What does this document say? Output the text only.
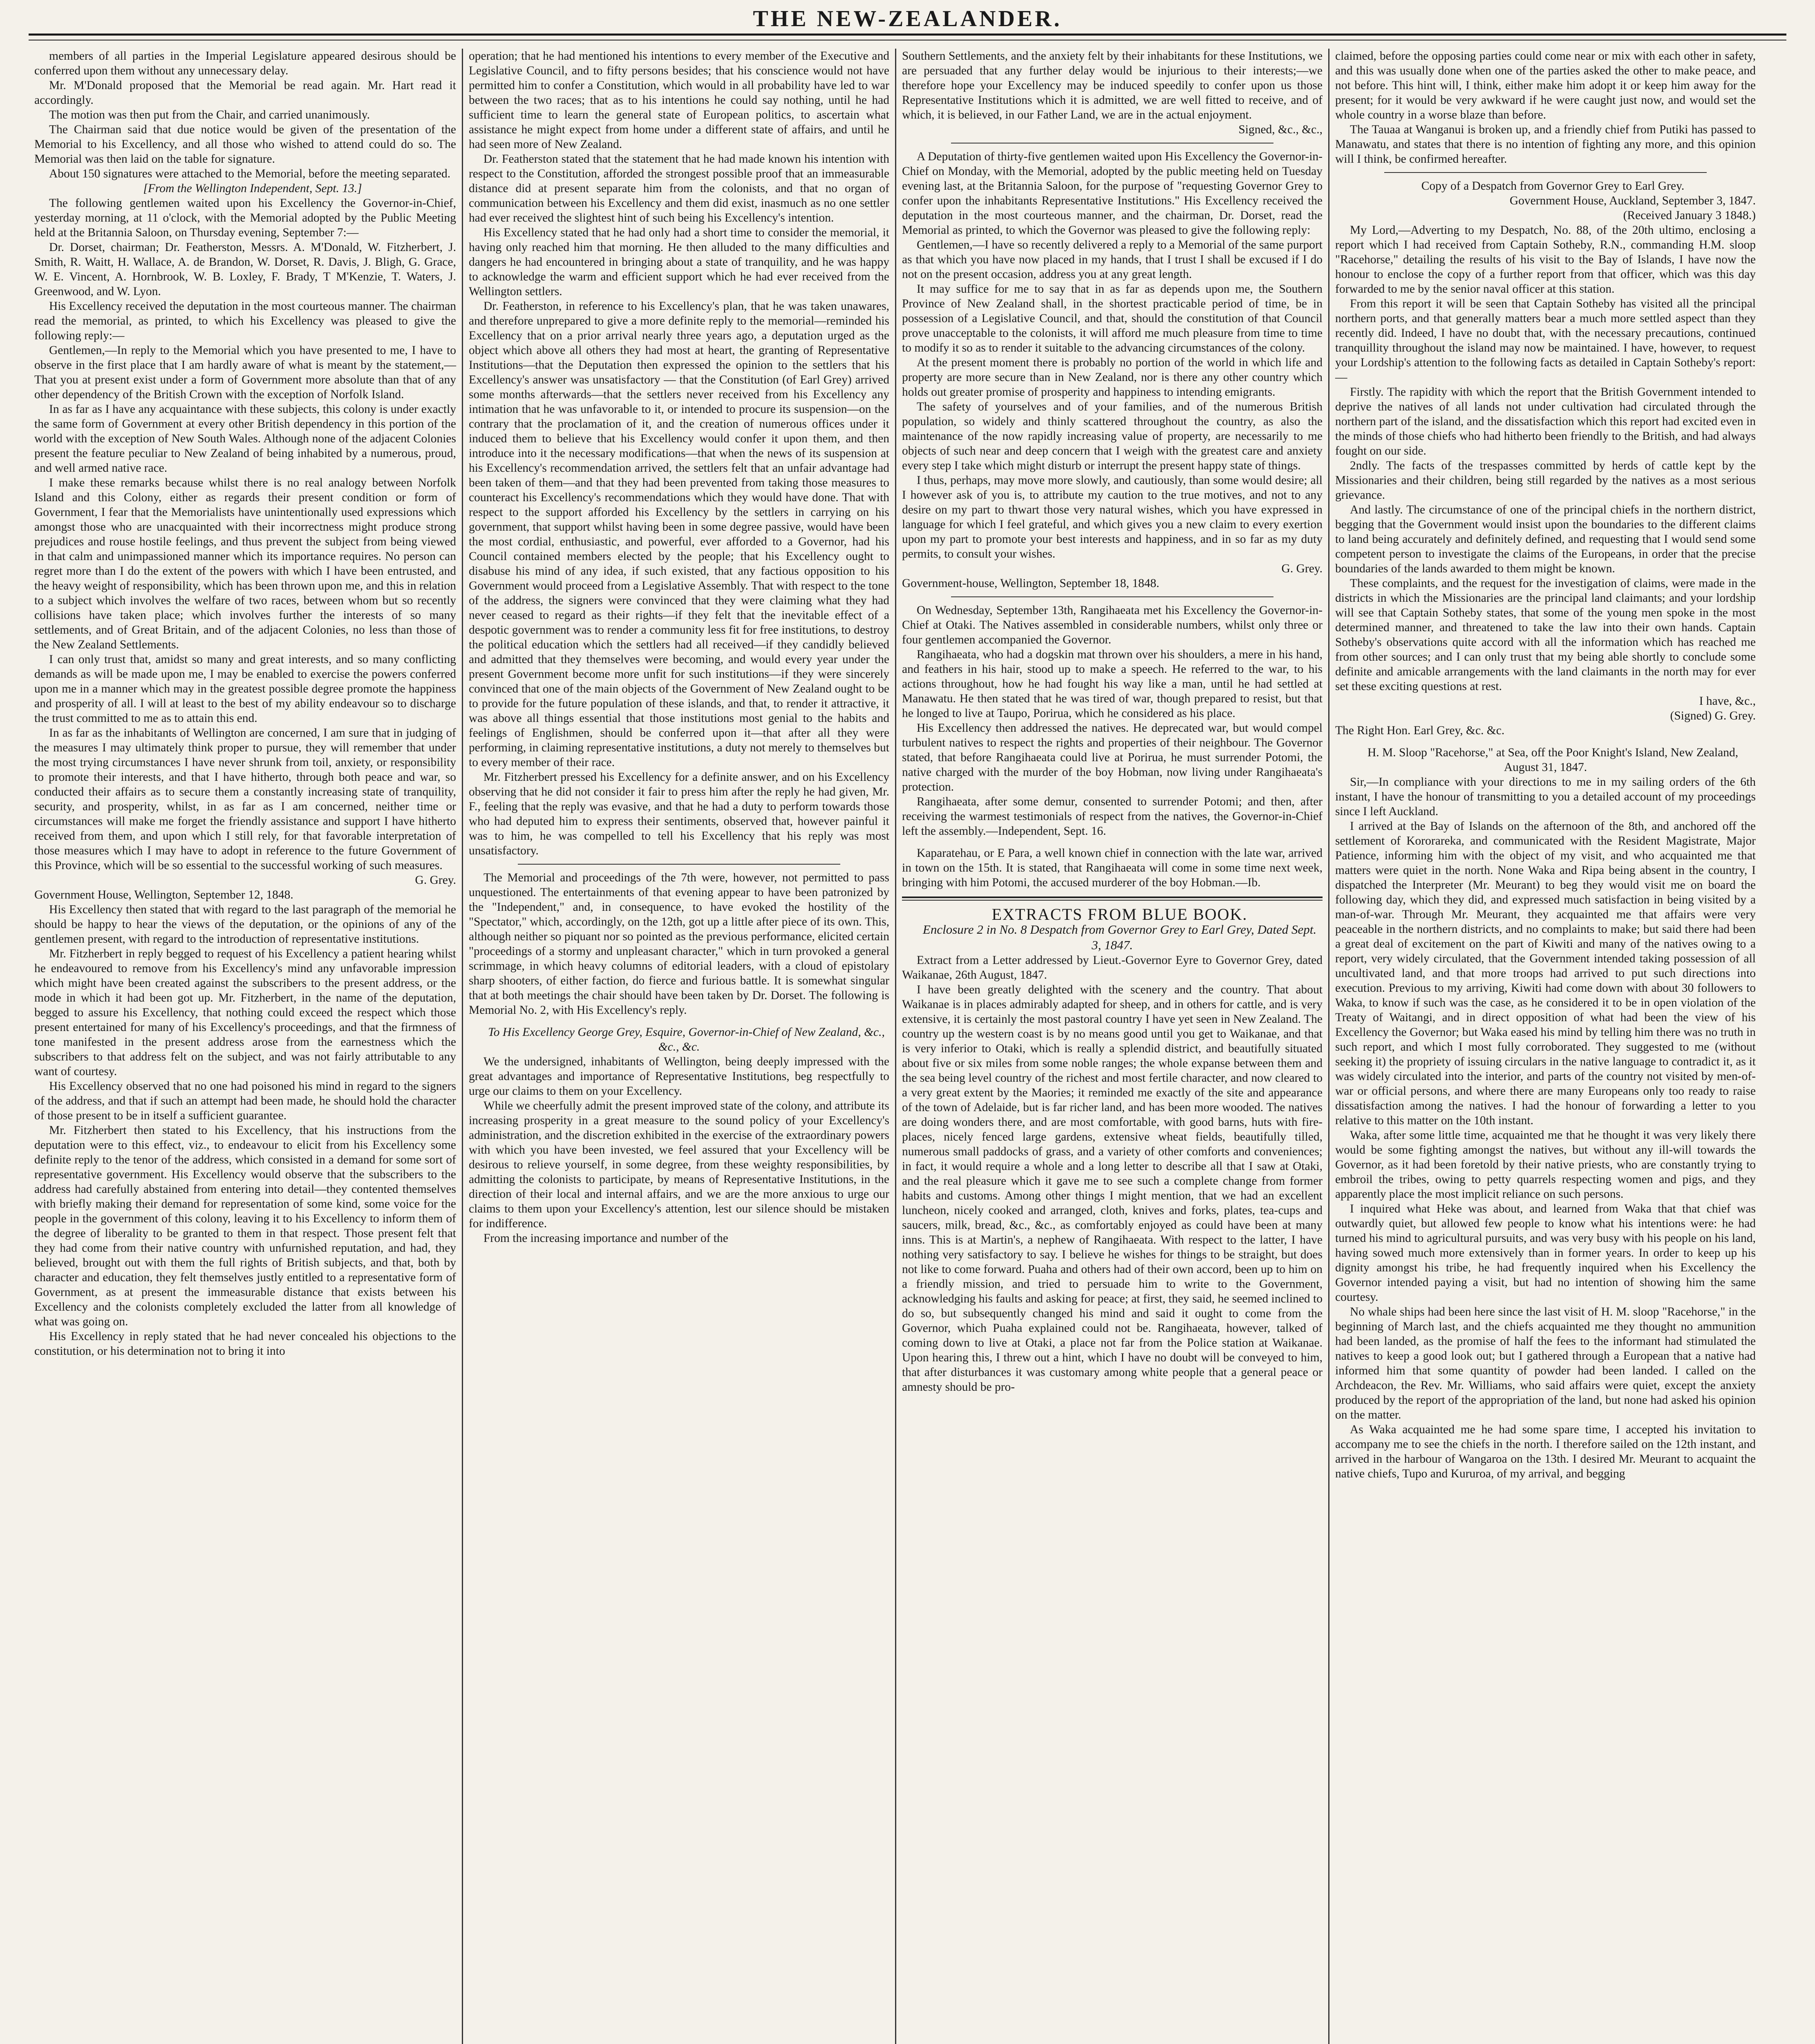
THE NEW-ZEALANDER.

members of all parties in the Imperial Legislature appeared desirous should be conferred upon them without any unnecessary delay.

Mr. M'Donald proposed that the Memorial be read again. Mr. Hart read it accordingly.

The motion was then put from the Chair, and carried unanimously.

The Chairman said that due notice would be given of the presentation of the Memorial to his Excellency, and all those who wished to attend could do so. The Memorial was then laid on the table for signature.

About 150 signatures were attached to the Memorial, before the meeting separated.

[From the Wellington Independent, Sept. 13.]

The following gentlemen waited upon his Excellency the Governor-in-Chief, yesterday morning, at 11 o'clock, with the Memorial adopted by the Public Meeting held at the Britannia Saloon, on Thursday evening, September 7:—

Dr. Dorset, chairman; Dr. Featherston, Messrs. A. M'Donald, W. Fitzherbert, J. Smith, R. Waitt, H. Wallace, A. de Brandon, W. Dorset, R. Davis, J. Bligh, G. Grace, W. E. Vincent, A. Hornbrook, W. B. Loxley, F. Brady, T M'Kenzie, T. Waters, J. Greenwood, and W. Lyon.

His Excellency received the deputation in the most courteous manner. The chairman read the memorial, as printed, to which his Excellency was pleased to give the following reply:—

Gentlemen,—In reply to the Memorial which you have presented to me, I have to observe in the first place that I am hardly aware of what is meant by the statement,—That you at present exist under a form of Government more absolute than that of any other dependency of the British Crown with the exception of Norfolk Island.

In as far as I have any acquaintance with these subjects, this colony is under exactly the same form of Government at every other British dependency in this portion of the world with the exception of New South Wales. Although none of the adjacent Colonies present the feature peculiar to New Zealand of being inhabited by a numerous, proud, and well armed native race.

I make these remarks because whilst there is no real analogy between Norfolk Island and this Colony, either as regards their present condition or form of Government, I fear that the Memorialists have unintentionally used expressions which amongst those who are unacquainted with their incorrectness might produce strong prejudices and rouse hostile feelings, and thus prevent the subject from being viewed in that calm and unimpassioned manner which its importance requires. No person can regret more than I do the extent of the powers with which I have been entrusted, and the heavy weight of responsibility, which has been thrown upon me, and this in relation to a subject which involves the welfare of two races, between whom but so recently collisions have taken place; which involves further the interests of so many settlements, and of Great Britain, and of the adjacent Colonies, no less than those of the New Zealand Settlements.

I can only trust that, amidst so many and great interests, and so many conflicting demands as will be made upon me, I may be enabled to exercise the powers conferred upon me in a manner which may in the greatest possible degree promote the happiness and prosperity of all. I will at least to the best of my ability endeavour so to discharge the trust committed to me as to attain this end.

In as far as the inhabitants of Wellington are concerned, I am sure that in judging of the measures I may ultimately think proper to pursue, they will remember that under the most trying circumstances I have never shrunk from toil, anxiety, or responsibility to promote their interests, and that I have hitherto, through both peace and war, so conducted their affairs as to secure them a constantly increasing state of tranquility, security, and prosperity, whilst, in as far as I am concerned, neither time or circumstances will make me forget the friendly assistance and support I have hitherto received from them, and upon which I still rely, for that favorable interpretation of those measures which I may have to adopt in reference to the future Government of this Province, which will be so essential to the successful working of such measures.

G. Grey.

Government House, Wellington, September 12, 1848.

His Excellency then stated that with regard to the last paragraph of the memorial he should be happy to hear the views of the deputation, or the opinions of any of the gentlemen present, with regard to the introduction of representative institutions.

Mr. Fitzherbert in reply begged to request of his Excellency a patient hearing whilst he endeavoured to remove from his Excellency's mind any unfavorable impression which might have been created against the subscribers to the present address, or the mode in which it had been got up. Mr. Fitzherbert, in the name of the deputation, begged to assure his Excellency, that nothing could exceed the respect which those present entertained for many of his Excellency's proceedings, and that the firmness of tone manifested in the present address arose from the earnestness which the subscribers to that address felt on the subject, and was not fairly attributable to any want of courtesy.

His Excellency observed that no one had poisoned his mind in regard to the signers of the address, and that if such an attempt had been made, he should hold the character of those present to be in itself a sufficient guarantee.

Mr. Fitzherbert then stated to his Excellency, that his instructions from the deputation were to this effect, viz., to endeavour to elicit from his Excellency some definite reply to the tenor of the address, which consisted in a demand for some sort of representative government. His Excellency would observe that the subscribers to the address had carefully abstained from entering into detail—they contented themselves with briefly making their demand for representation of some kind, some voice for the people in the government of this colony, leaving it to his Excellency to inform them of the degree of liberality to be granted to them in that respect. Those present felt that they had come from their native country with unfurnished reputation, and had, they believed, brought out with them the full rights of British subjects, and that, both by character and education, they felt themselves justly entitled to a representative form of Government, as at present the immeasurable distance that exists between his Excellency and the colonists completely excluded the latter from all knowledge of what was going on.

His Excellency in reply stated that he had never concealed his objections to the constitution, or his determination not to bring it into

operation; that he had mentioned his intentions to every member of the Executive and Legislative Council, and to fifty persons besides; that his conscience would not have permitted him to confer a Constitution, which would in all probability have led to war between the two races; that as to his intentions he could say nothing, until he had sufficient time to learn the general state of European politics, to ascertain what assistance he might expect from home under a different state of affairs, and until he had seen more of New Zealand.

Dr. Featherston stated that the statement that he had made known his intention with respect to the Constitution, afforded the strongest possible proof that an immeasurable distance did at present separate him from the colonists, and that no organ of communication between his Excellency and them did exist, inasmuch as no one settler had ever received the slightest hint of such being his Excellency's intention.

His Excellency stated that he had only had a short time to consider the memorial, it having only reached him that morning. He then alluded to the many difficulties and dangers he had encountered in bringing about a state of tranquility, and he was happy to acknowledge the warm and efficient support which he had ever received from the Wellington settlers.

Dr. Featherston, in reference to his Excellency's plan, that he was taken unawares, and therefore unprepared to give a more definite reply to the memorial—reminded his Excellency that on a prior arrival nearly three years ago, a deputation urged as the object which above all others they had most at heart, the granting of Representative Institutions—that the Deputation then expressed the opinion to the settlers that his Excellency's answer was unsatisfactory — that the Constitution (of Earl Grey) arrived some months afterwards—that the settlers never received from his Excellency any intimation that he was unfavorable to it, or intended to procure its suspension—on the contrary that the proclamation of it, and the creation of numerous offices under it induced them to believe that his Excellency would confer it upon them, and then introduce into it the necessary modifications—that when the news of its suspension at his Excellency's recommendation arrived, the settlers felt that an unfair advantage had been taken of them—and that they had been prevented from taking those measures to counteract his Excellency's recommendations which they would have done. That with respect to the support afforded his Excellency by the settlers in carrying on his government, that support whilst having been in some degree passive, would have been the most cordial, enthusiastic, and powerful, ever afforded to a Governor, had his Council contained members elected by the people; that his Excellency ought to disabuse his mind of any idea, if such existed, that any factious opposition to his Government would proceed from a Legislative Assembly. That with respect to the tone of the address, the signers were convinced that they were claiming what they had never ceased to regard as their rights—if they felt that the inevitable effect of a despotic government was to render a community less fit for free institutions, to destroy the political education which the settlers had all received—if they candidly believed and admitted that they themselves were becoming, and would every year under the present Government become more unfit for such institutions—if they were sincerely convinced that one of the main objects of the Government of New Zealand ought to be to provide for the future population of these islands, and that, to render it attractive, it was above all things essential that those institutions most genial to the habits and feelings of Englishmen, should be conferred upon it—that after all they were performing, in claiming representative institutions, a duty not merely to themselves but to every member of their race.

Mr. Fitzherbert pressed his Excellency for a definite answer, and on his Excellency observing that he did not consider it fair to press him after the reply he had given, Mr. F., feeling that the reply was evasive, and that he had a duty to perform towards those who had deputed him to express their sentiments, observed that, however painful it was to him, he was compelled to tell his Excellency that his reply was most unsatisfactory.

The Memorial and proceedings of the 7th were, however, not permitted to pass unquestioned. The entertainments of that evening appear to have been patronized by the "Independent," and, in consequence, to have evoked the hostility of the "Spectator," which, accordingly, on the 12th, got up a little after piece of its own. This, although neither so piquant nor so pointed as the previous performance, elicited certain "proceedings of a stormy and unpleasant character," which in turn provoked a general scrimmage, in which heavy columns of editorial leaders, with a cloud of epistolary sharp shooters, of either faction, do fierce and furious battle. It is somewhat singular that at both meetings the chair should have been taken by Dr. Dorset. The following is Memorial No. 2, with His Excellency's reply.

To His Excellency George Grey, Esquire, Governor-in-Chief of New Zealand, &c., &c., &c.

We the undersigned, inhabitants of Wellington, being deeply impressed with the great advantages and importance of Representative Institutions, beg respectfully to urge our claims to them on your Excellency.

While we cheerfully admit the present improved state of the colony, and attribute its increasing prosperity in a great measure to the sound policy of your Excellency's administration, and the discretion exhibited in the exercise of the extraordinary powers with which you have been invested, we feel assured that your Excellency will be desirous to relieve yourself, in some degree, from these weighty responsibilities, by admitting the colonists to participate, by means of Representative Institutions, in the direction of their local and internal affairs, and we are the more anxious to urge our claims to them upon your Excellency's attention, lest our silence should be mistaken for indifference.

From the increasing importance and number of the

Southern Settlements, and the anxiety felt by their inhabitants for these Institutions, we are persuaded that any further delay would be injurious to their interests;—we therefore hope your Excellency may be induced speedily to confer upon us those Representative Institutions which it is admitted, we are well fitted to receive, and of which, it is believed, in our Father Land, we are in the actual enjoyment.

Signed, &c., &c.,

A Deputation of thirty-five gentlemen waited upon His Excellency the Governor-in-Chief on Monday, with the Memorial, adopted by the public meeting held on Tuesday evening last, at the Britannia Saloon, for the purpose of "requesting Governor Grey to confer upon the inhabitants Representative Institutions." His Excellency received the deputation in the most courteous manner, and the chairman, Dr. Dorset, read the Memorial as printed, to which the Governor was pleased to give the following reply:

Gentlemen,—I have so recently delivered a reply to a Memorial of the same purport as that which you have now placed in my hands, that I trust I shall be excused if I do not on the present occasion, address you at any great length.

It may suffice for me to say that in as far as depends upon me, the Southern Province of New Zealand shall, in the shortest practicable period of time, be in possession of a Legislative Council, and that, should the constitution of that Council prove unacceptable to the colonists, it will afford me much pleasure from time to time to modify it so as to render it suitable to the advancing circumstances of the colony.

At the present moment there is probably no portion of the world in which life and property are more secure than in New Zealand, nor is there any other country which holds out greater promise of prosperity and happiness to intending emigrants.

The safety of yourselves and of your families, and of the numerous British population, so widely and thinly scattered throughout the country, as also the maintenance of the now rapidly increasing value of property, are necessarily to me objects of such near and deep concern that I weigh with the greatest care and anxiety every step I take which might disturb or interrupt the present happy state of things.

I thus, perhaps, may move more slowly, and cautiously, than some would desire; all I however ask of you is, to attribute my caution to the true motives, and not to any desire on my part to thwart those very natural wishes, which you have expressed in language for which I feel grateful, and which gives you a new claim to every exertion upon my part to promote your best interests and happiness, and in so far as my duty permits, to consult your wishes.

G. Grey.

Government-house, Wellington, September 18, 1848.

On Wednesday, September 13th, Rangihaeata met his Excellency the Governor-in-Chief at Otaki. The Natives assembled in considerable numbers, whilst only three or four gentlemen accompanied the Governor.

Rangihaeata, who had a dogskin mat thrown over his shoulders, a mere in his hand, and feathers in his hair, stood up to make a speech. He referred to the war, to his actions throughout, how he had fought his way like a man, until he had settled at Manawatu. He then stated that he was tired of war, though prepared to resist, but that he longed to live at Taupo, Porirua, which he considered as his place.

His Excellency then addressed the natives. He deprecated war, but would compel turbulent natives to respect the rights and properties of their neighbour. The Governor stated, that before Rangihaeata could live at Porirua, he must surrender Potomi, the native charged with the murder of the boy Hobman, now living under Rangihaeata's protection.

Rangihaeata, after some demur, consented to surrender Potomi; and then, after receiving the warmest testimonials of respect from the natives, the Governor-in-Chief left the assembly.—Independent, Sept. 16.

Kaparatehau, or E Para, a well known chief in connection with the late war, arrived in town on the 15th. It is stated, that Rangihaeata will come in some time next week, bringing with him Potomi, the accused murderer of the boy Hobman.—Ib.

EXTRACTS FROM BLUE BOOK.

Enclosure 2 in No. 8 Despatch from Governor Grey to Earl Grey, Dated Sept. 3, 1847.

Extract from a Letter addressed by Lieut.-Governor Eyre to Governor Grey, dated Waikanae, 26th August, 1847.

I have been greatly delighted with the scenery and the country. That about Waikanae is in places admirably adapted for sheep, and in others for cattle, and is very extensive, it is certainly the most pastoral country I have yet seen in New Zealand. The country up the western coast is by no means good until you get to Waikanae, and that is very inferior to Otaki, which is really a splendid district, and beautifully situated about five or six miles from some noble ranges; the whole expanse between them and the sea being level country of the richest and most fertile character, and now cleared to a very great extent by the Maories; it reminded me exactly of the site and appearance of the town of Adelaide, but is far richer land, and has been more wooded. The natives are doing wonders there, and are most comfortable, with good barns, huts with fire-places, nicely fenced large gardens, extensive wheat fields, beautifully tilled, numerous small paddocks of grass, and a variety of other comforts and conveniences; in fact, it would require a whole and a long letter to describe all that I saw at Otaki, and the real pleasure which it gave me to see such a complete change from former habits and customs. Among other things I might mention, that we had an excellent luncheon, nicely cooked and arranged, cloth, knives and forks, plates, tea-cups and saucers, milk, bread, &c., &c., as comfortably enjoyed as could have been at many inns. This is at Martin's, a nephew of Rangihaeata. With respect to the latter, I have nothing very satisfactory to say. I believe he wishes for things to be straight, but does not like to come forward. Puaha and others had of their own accord, been up to him on a friendly mission, and tried to persuade him to write to the Government, acknowledging his faults and asking for peace; at first, they said, he seemed inclined to do so, but subsequently changed his mind and said it ought to come from the Governor, which Puaha explained could not be. Rangihaeata, however, talked of coming down to live at Otaki, a place not far from the Police station at Waikanae. Upon hearing this, I threw out a hint, which I have no doubt will be conveyed to him, that after disturbances it was customary among white people that a general peace or amnesty should be pro-

claimed, before the opposing parties could come near or mix with each other in safety, and this was usually done when one of the parties asked the other to make peace, and not before. This hint will, I think, either make him adopt it or keep him away for the present; for it would be very awkward if he were caught just now, and would set the whole country in a worse blaze than before.

The Tauaa at Wanganui is broken up, and a friendly chief from Putiki has passed to Manawatu, and states that there is no intention of fighting any more, and this opinion will I think, be confirmed hereafter.

Copy of a Despatch from Governor Grey to Earl Grey.

Government House, Auckland, September 3, 1847.

(Received January 3 1848.)

My Lord,—Adverting to my Despatch, No. 88, of the 20th ultimo, enclosing a report which I had received from Captain Sotheby, R.N., commanding H.M. sloop "Racehorse," detailing the results of his visit to the Bay of Islands, I have now the honour to enclose the copy of a further report from that officer, which was this day forwarded to me by the senior naval officer at this station.

From this report it will be seen that Captain Sotheby has visited all the principal northern ports, and that generally matters bear a much more settled aspect than they recently did. Indeed, I have no doubt that, with the necessary precautions, continued tranquillity throughout the island may now be maintained. I have, however, to request your Lordship's attention to the following facts as detailed in Captain Sotheby's report:—

Firstly. The rapidity with which the report that the British Government intended to deprive the natives of all lands not under cultivation had circulated through the northern part of the island, and the dissatisfaction which this report had excited even in the minds of those chiefs who had hitherto been friendly to the British, and had always fought on our side.

2ndly. The facts of the trespasses committed by herds of cattle kept by the Missionaries and their children, being still regarded by the natives as a most serious grievance.

And lastly. The circumstance of one of the principal chiefs in the northern district, begging that the Government would insist upon the boundaries to the different claims to land being accurately and definitely defined, and requesting that I would send some competent person to investigate the claims of the Europeans, in order that the precise boundaries of the lands awarded to them might be known.

These complaints, and the request for the investigation of claims, were made in the districts in which the Missionaries are the principal land claimants; and your lordship will see that Captain Sotheby states, that some of the young men spoke in the most determined manner, and threatened to take the law into their own hands. Captain Sotheby's observations quite accord with all the information which has reached me from other sources; and I can only trust that my being able shortly to conclude some definite and amicable arrangements with the land claimants in the north may for ever set these exciting questions at rest.

I have, &c.,

(Signed) G. Grey.

The Right Hon. Earl Grey, &c. &c.

H. M. Sloop "Racehorse," at Sea, off the Poor Knight's Island, New Zealand, August 31, 1847.

Sir,—In compliance with your directions to me in my sailing orders of the 6th instant, I have the honour of transmitting to you a detailed account of my proceedings since I left Auckland.

I arrived at the Bay of Islands on the afternoon of the 8th, and anchored off the settlement of Kororareka, and communicated with the Resident Magistrate, Major Patience, informing him with the object of my visit, and who acquainted me that matters were quiet in the north. None Waka and Ripa being absent in the country, I dispatched the Interpreter (Mr. Meurant) to beg they would visit me on board the following day, which they did, and expressed much satisfaction in being visited by a man-of-war. Through Mr. Meurant, they acquainted me that affairs were very peaceable in the northern districts, and no complaints to make; but said there had been a great deal of excitement on the part of Kiwiti and many of the natives owing to a report, very widely circulated, that the Government intended taking possession of all uncultivated land, and that more troops had arrived to put such directions into execution. Previous to my arriving, Kiwiti had come down with about 30 followers to Waka, to know if such was the case, as he considered it to be in open violation of the Treaty of Waitangi, and in direct opposition of what had been the view of his Excellency the Governor; but Waka eased his mind by telling him there was no truth in such report, and which I most fully corroborated. They suggested to me (without seeking it) the propriety of issuing circulars in the native language to contradict it, as it was widely circulated into the interior, and parts of the country not visited by men-of-war or official persons, and where there are many Europeans only too ready to raise dissatisfaction among the natives. I had the honour of forwarding a letter to you relative to this matter on the 10th instant.

Waka, after some little time, acquainted me that he thought it was very likely there would be some fighting amongst the natives, but without any ill-will towards the Governor, as it had been foretold by their native priests, who are constantly trying to embroil the tribes, owing to petty quarrels respecting women and pigs, and they apparently place the most implicit reliance on such persons.

I inquired what Heke was about, and learned from Waka that that chief was outwardly quiet, but allowed few people to know what his intentions were: he had turned his mind to agricultural pursuits, and was very busy with his people on his land, having sowed much more extensively than in former years. In order to keep up his dignity amongst his tribe, he had frequently inquired when his Excellency the Governor intended paying a visit, but had no intention of showing him the same courtesy.

No whale ships had been here since the last visit of H. M. sloop "Racehorse," in the beginning of March last, and the chiefs acquainted me they thought no ammunition had been landed, as the promise of half the fees to the informant had stimulated the natives to keep a good look out; but I gathered through a European that a native had informed him that some quantity of powder had been landed. I called on the Archdeacon, the Rev. Mr. Williams, who said affairs were quiet, except the anxiety produced by the report of the appropriation of the land, but none had asked his opinion on the matter.

As Waka acquainted me he had some spare time, I accepted his invitation to accompany me to see the chiefs in the north. I therefore sailed on the 12th instant, and arrived in the harbour of Wangaroa on the 13th. I desired Mr. Meurant to acquaint the native chiefs, Tupo and Kururoa, of my arrival, and begging
